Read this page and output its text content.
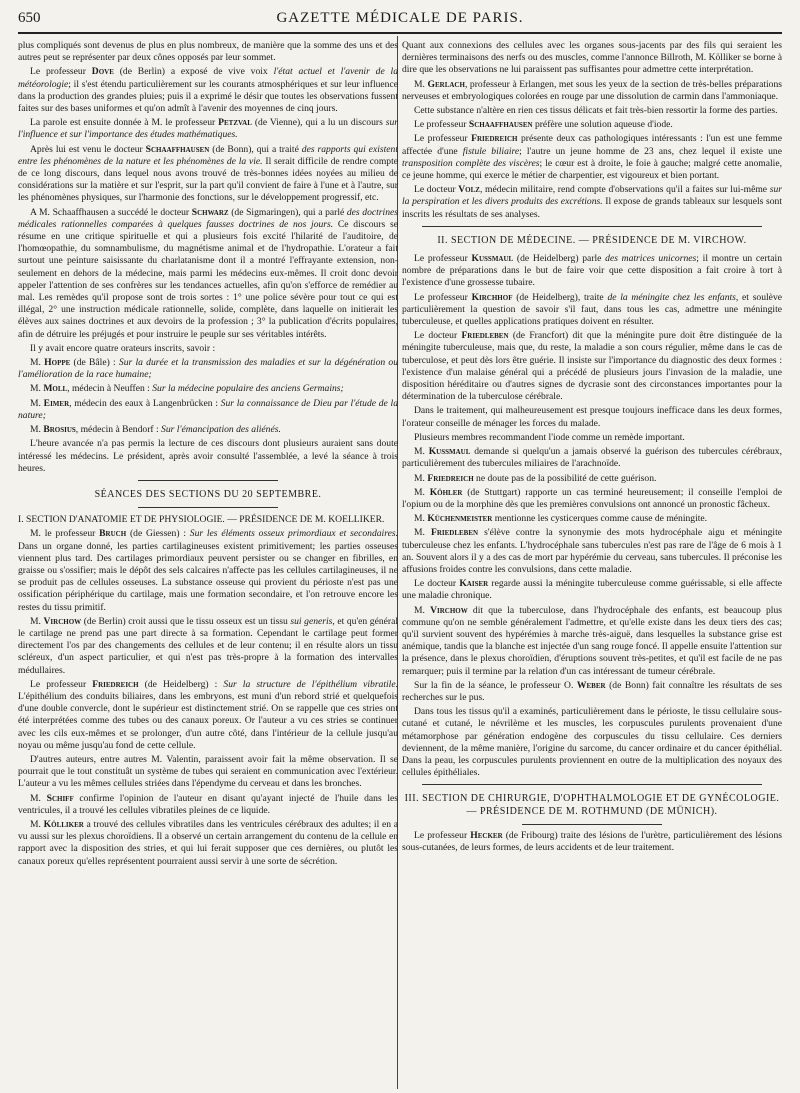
650	GAZETTE MÉDICALE DE PARIS.

plus compliqués sont devenus de plus en plus nombreux, de manière que la somme des uns et des autres peut se représenter par deux cônes opposés par leur sommet.

Le professeur Dove (de Berlin) a exposé de vive voix l'état actuel et l'avenir de la météorologie; il s'est étendu particulièrement sur les courants atmosphériques et sur leur influence dans la production des grandes pluies; puis il a exprimé le désir que toutes les observations fussent faites sur des bases uniformes et qu'on admît à l'avenir des moyennes de cinq jours.

La parole est ensuite donnée à M. le professeur Petzval (de Vienne), qui a lu un discours sur l'influence et sur l'importance des études mathématiques.

Après lui est venu le docteur Schaaffhausen (de Bonn), qui a traité des rapports qui existent entre les phénomènes de la nature et les phénomènes de la vie. Il serait difficile de rendre compte de ce long discours, dans lequel nous avons trouvé de très-bonnes idées noyées au milieu de considérations sur la matière et sur l'esprit, sur la part qu'il convient de faire à l'une et à l'autre, sur les phénomènes physiques, sur l'harmonie des fonctions, sur le développement progressif, etc.

A M. Schaaffhausen a succédé le docteur Schwarz (de Sigmaringen), qui a parlé des doctrines médicales rationnelles comparées à quelques fausses doctrines de nos jours. Ce discours se résume en une critique spirituelle et qui a plusieurs fois excité l'hilarité de l'auditoire, de l'homœopathie, du somnambulisme, du magnétisme animal et de l'hydropathie. L'orateur a fait surtout une peinture saisissante du charlatanisme dont il a montré l'effrayante extension, non-seulement en dehors de la médecine, mais parmi les médecins eux-mêmes. Il croit donc devoir appeler l'attention de ses confrères sur les tendances actuelles, afin qu'on s'efforce de remédier au mal. Les remèdes qu'il propose sont de trois sortes : 1° une police sévère pour tout ce qui est illégal, 2° une instruction médicale rationnelle, solide, complète, dans laquelle on initierait les élèves aux saines doctrines et aux devoirs de la profession ; 3° la publication d'écrits populaires, afin de détruire les préjugés et pour instruire le peuple sur ses véritables intérêts.

Il y avait encore quatre orateurs inscrits, savoir :

M. Hoppe (de Bâle) : Sur la durée et la transmission des maladies et sur la dégénération ou l'amélioration de la race humaine;

M. Moll, médecin à Neuffen : Sur la médecine populaire des anciens Germains;

M. Eimer, médecin des eaux à Langenbrücken : Sur la connaissance de Dieu par l'étude de la nature;

M. Brosius, médecin à Bendorf : Sur l'émancipation des aliénés.

L'heure avancée n'a pas permis la lecture de ces discours dont plusieurs auraient sans doute intéressé les médecins. Le président, après avoir consulté l'assemblée, a levé la séance à trois heures.

SÉANCES DES SECTIONS DU 20 SEPTEMBRE.

I. SECTION D'ANATOMIE ET DE PHYSIOLOGIE. — PRÉSIDENCE DE M. KOELLIKER.

M. le professeur Bruch (de Giessen) : Sur les éléments osseux primordiaux et secondaires. Dans un organe donné, les parties cartilagineuses existent primitivement; les parties osseuses viennent plus tard. Des cartilages primordiaux peuvent persister ou se changer en fibrilles, en graisse ou s'ossifier; mais le dépôt des sels calcaires n'affecte pas les cellules cartilagineuses, il ne se produit pas de cellules osseuses. La substance osseuse qui provient du périoste n'est pas une ossification périphérique du cartilage, mais une formation secondaire, et l'on retrouve encore les restes du tissu primitif.

M. Virchow (de Berlin) croit aussi que le tissu osseux est un tissu sui generis, et qu'en général le cartilage ne prend pas une part directe à sa formation. Cependant le cartilage peut former directement l'os par des changements des cellules et de leur contenu; il en résulte alors un tissu scléreux, d'un aspect particulier, et qui n'est pas très-propre à la formation des intervalles médullaires.

Le professeur Friedreich (de Heidelberg) : Sur la structure de l'épithélium vibratile. L'épithélium des conduits biliaires, dans les embryons, est muni d'un rebord strié et quelquefois d'une double convercle, dont le supérieur est distinctement strié. On se rappelle que ces stries ont été interprétées comme des tubes ou des canaux poreux. Or l'auteur a vu ces stries se continuer avec les cils eux-mêmes et se prolonger, d'un autre côté, dans l'intérieur de la cellule jusqu'au noyau ou même jusqu'au fond de cette cellule.

D'autres auteurs, entre autres M. Valentin, paraissent avoir fait la même observation. Il se pourrait que le tout constituât un système de tubes qui seraient en communication avec l'extérieur. L'auteur a vu les mêmes cellules striées dans l'épendyme du cerveau et dans les bronches.

M. Schiff confirme l'opinion de l'auteur en disant qu'ayant injecté de l'huile dans les ventricules, il a trouvé les cellules vibratiles pleines de ce liquide.

M. Kölliker a trouvé des cellules vibratiles dans les ventricules cérébraux des adultes; il en a vu aussi sur les plexus choroïdiens. Il a observé un certain arrangement du contenu de la cellule en rapport avec la disposition des stries, et qui lui ferait supposer que ces dernières, ou plutôt les canaux poreux qu'elles représentent pourraient aussi servir à une sorte de sécrétion.

Quant aux connexions des cellules avec les organes sous-jacents par des fils qui seraient les dernières terminaisons des nerfs ou des muscles, comme l'annonce Billroth, M. Kölliker se borne à dire que les observations ne lui paraissent pas suffisantes pour admettre cette interprétation.

M. Gerlach, professeur à Erlangen, met sous les yeux de la section de très-belles préparations nerveuses et embryologiques colorées en rouge par une dissolution de carmin dans l'ammoniaque.

Cette substance n'altère en rien ces tissus délicats et fait très-bien ressortir la forme des parties.

Le professeur Schaaffhausen préfère une solution aqueuse d'iode.

Le professeur Friedreich présente deux cas pathologiques intéressants : l'un est une femme affectée d'une fistule biliaire; l'autre un jeune homme de 23 ans, chez lequel il existe une transposition complète des viscères; le cœur est à droite, le foie à gauche; malgré cette anomalie, ce jeune homme, qui exerce le métier de charpentier, est vigoureux et bien portant.

Le docteur Volz, médecin militaire, rend compte d'observations qu'il a faites sur lui-même sur la perspiration et les divers produits des excrétions. Il expose de grands tableaux sur lesquels sont inscrits les résultats de ses analyses.

II. SECTION DE MÉDECINE. — PRÉSIDENCE DE M. VIRCHOW.

Le professeur Kussmaul (de Heidelberg) parle des matrices unicornes; il montre un certain nombre de préparations dans le but de faire voir que cette disposition a fait croire à tort à l'existence d'une grossesse tubaire.

Le professeur Kirchhof (de Heidelberg), traite de la méningite chez les enfants, et soulève particulièrement la question de savoir s'il faut, dans tous les cas, admettre une méningite tuberculeuse, et quelles applications pratiques doivent en résulter.

Le docteur Friedleben (de Francfort) dit que la méningite pure doit être distinguée de la méningite tuberculeuse, mais que, du reste, la maladie a son cours régulier, même dans le cas de tuberculose, et peut dès lors être guérie. Il insiste sur l'importance du diagnostic des deux formes : l'existence d'un malaise général qui a précédé de plusieurs jours l'invasion de la maladie, une disposition héréditaire ou d'autres signes de dycrasie sont des circonstances importantes pour la détermination de la tuberculose cérébrale.

Dans le traitement, qui malheureusement est presque toujours inefficace dans les deux formes, l'orateur conseille de ménager les forces du malade.

Plusieurs membres recommandent l'iode comme un remède important.

M. Kussmaul demande si quelqu'un a jamais observé la guérison des tubercules cérébraux, particulièrement des tubercules miliaires de l'arachnoïde.

M. Friedreich ne doute pas de la possibilité de cette guérison.

M. Köhler (de Stuttgart) rapporte un cas terminé heureusement; il conseille l'emploi de l'opium ou de la morphine dès que les premières convulsions ont annoncé un pronostic fâcheux.

M. Küchenmeister mentionne les cysticerques comme cause de méningite.

M. Friedleben s'élève contre la synonymie des mots hydrocéphale aigu et méningite tuberculeuse chez les enfants. L'hydrocéphale sans tubercules n'est pas rare de l'âge de 6 mois à 1 an. Souvent alors il y a des cas de mort par hypérémie du cerveau, sans tubercules. Il préconise les affusions froides contre les convulsions, dans cette maladie.

Le docteur Kaiser regarde aussi la méningite tuberculeuse comme guérissable, si elle affecte une maladie chronique.

M. Virchow dit que la tuberculose, dans l'hydrocéphale des enfants, est beaucoup plus commune qu'on ne semble généralement l'admettre, et qu'elle existe dans les deux tiers des cas; qu'il survient souvent des hypérémies à marche très-aiguë, dans lesquelles la substance grise est anémique, tandis que la blanche est injectée d'un sang rouge foncé. Il appelle ensuite l'attention sur la présence, dans le plexus choroïdien, d'éruptions souvent très-petites, et qu'il est facile de ne pas remarquer; puis il termine par la relation d'un cas intéressant de tumeur cérébrale.

Sur la fin de la séance, le professeur O. Weber (de Bonn) fait connaître les résultats de ses recherches sur le pus.

Dans tous les tissus qu'il a examinés, particulièrement dans le périoste, le tissu cellulaire sous-cutané et cutané, le névrilème et les muscles, les corpuscules purulents provenaient d'une métamorphose par génération endogène des corpuscules du tissu cellulaire. Ces derniers deviennent, de la même manière, l'origine du sarcome, du cancer ordinaire et du cancer épithélial. Dans la peau, les corpuscules purulents proviennent en outre de la multiplication des noyaux des cellules épithéliales.

III. SECTION DE CHIRURGIE, D'OPHTHALMOLOGIE ET DE GYNÉCOLOGIE. — PRÉSIDENCE DE M. ROTHMUND (DE MÜNICH).

Le professeur Hecker (de Fribourg) traite des lésions de l'urètre, particulièrement des lésions sous-cutanées, de leurs formes, de leurs accidents et de leur traitement.
